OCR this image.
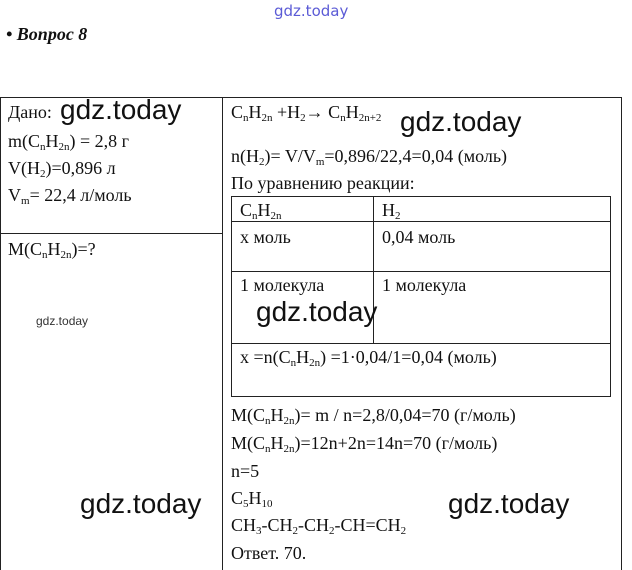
gdz.today
• Вопрос 8
Дано:
$m(C_nH_{2n}) = 2,8$ г
$V(H_2)=0,896$ л
$V_m= 22,4$ л/моль
$M(C_nH_{2n})=$?
gdz.today
gdz.today
$C_nH_{2n} +H_2\to C_nH_{2n+2}$ gdz.today
$n(H_2)= V/V_m=0,896/22,4=0,04$ (моль)
По уравнению реакции:
$C_nH_{2n}$	$H_2$
x моль	0,04 моль
1 молекула	1 молекула
gdz.today
$x =n(C_nH_{2n}) =1\cdot 0,04/1=0,04$ (моль)
$M(C_nH_{2n})= m / n=2,8/0,04=70$ (г/моль)
$M(C_nH_{2n})=12n+2n=14n=70$ (г/моль)
n=5
$C_5H_{10}$
$CH_3-CH_2-CH_2-CH=CH_2$
Ответ. 70.
gdz.today	gdz.today
